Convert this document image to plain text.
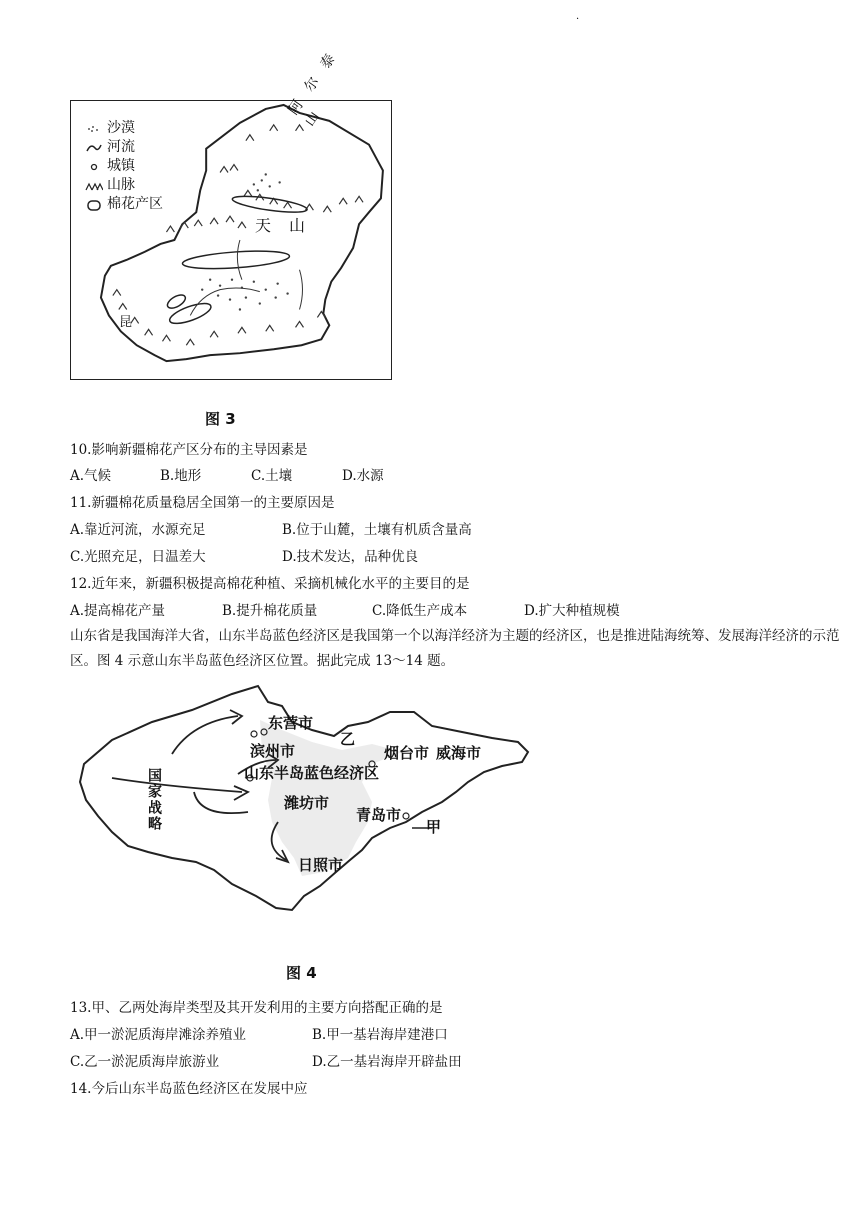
·
沙漠
河流
城镇
山脉
棉花产区
阿尔泰山
天 山
昆
图 3
10.影响新疆棉花产区分布的主导因素是
A.气候	B.地形	C.土壤	D.水源
11.新疆棉花质量稳居全国第一的主要原因是
A.靠近河流，水源充足	B.位于山麓，土壤有机质含量高
C.光照充足，日温差大	D.技术发达，品种优良
12.近年来，新疆积极提高棉花种植、采摘机械化水平的主要目的是
A.提高棉花产量	B.提升棉花质量	C.降低生产成本	D.扩大种植规模
山东省是我国海洋大省，山东半岛蓝色经济区是我国第一个以海洋经济为主题的经济区，也是推进陆海统筹、发展海洋经济的示范区。图 4 示意山东半岛蓝色经济区位置。据此完成 13～14 题。
东营市
乙
滨州市	烟台市 威海市
山东半岛蓝色经济区
国家战略	潍坊市
青岛市
甲
日照市
图 4
13.甲、乙两处海岸类型及其开发利用的主要方向搭配正确的是
A.甲一淤泥质海岸滩涂养殖业	B.甲一基岩海岸建港口
C.乙一淤泥质海岸旅游业	D.乙一基岩海岸开辟盐田
14.今后山东半岛蓝色经济区在发展中应
